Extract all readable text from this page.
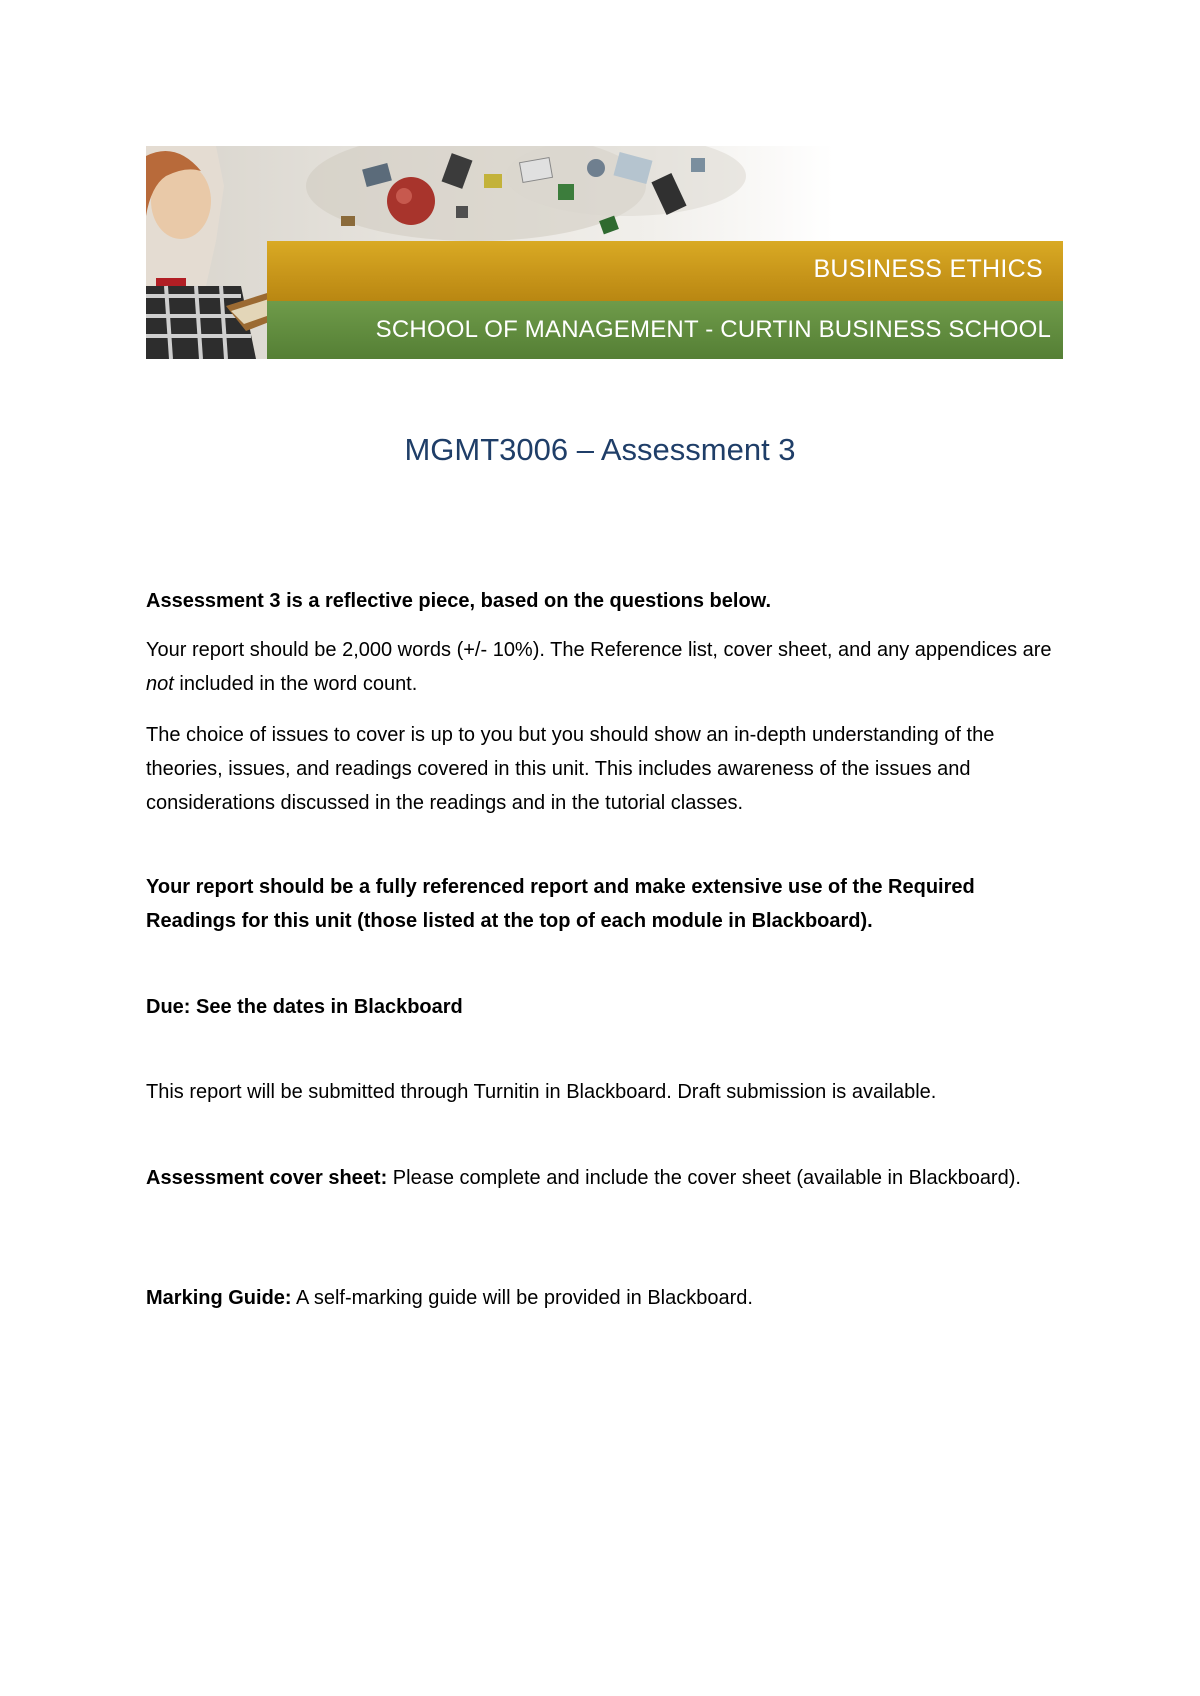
BUSINESS ETHICS
SCHOOL OF MANAGEMENT - CURTIN BUSINESS SCHOOL
MGMT3006 – Assessment 3

Assessment 3 is a reflective piece, based on the questions below.

Your report should be 2,000 words (+/- 10%). The Reference list, cover sheet, and any appendices are not included in the word count.

The choice of issues to cover is up to you but you should show an in-depth understanding of the theories, issues, and readings covered in this unit. This includes awareness of the issues and considerations discussed in the readings and in the tutorial classes.

Your report should be a fully referenced report and make extensive use of the Required Readings for this unit (those listed at the top of each module in Blackboard).

Due: See the dates in Blackboard

This report will be submitted through Turnitin in Blackboard. Draft submission is available.

Assessment cover sheet: Please complete and include the cover sheet (available in Blackboard).

Marking Guide: A self-marking guide will be provided in Blackboard.
